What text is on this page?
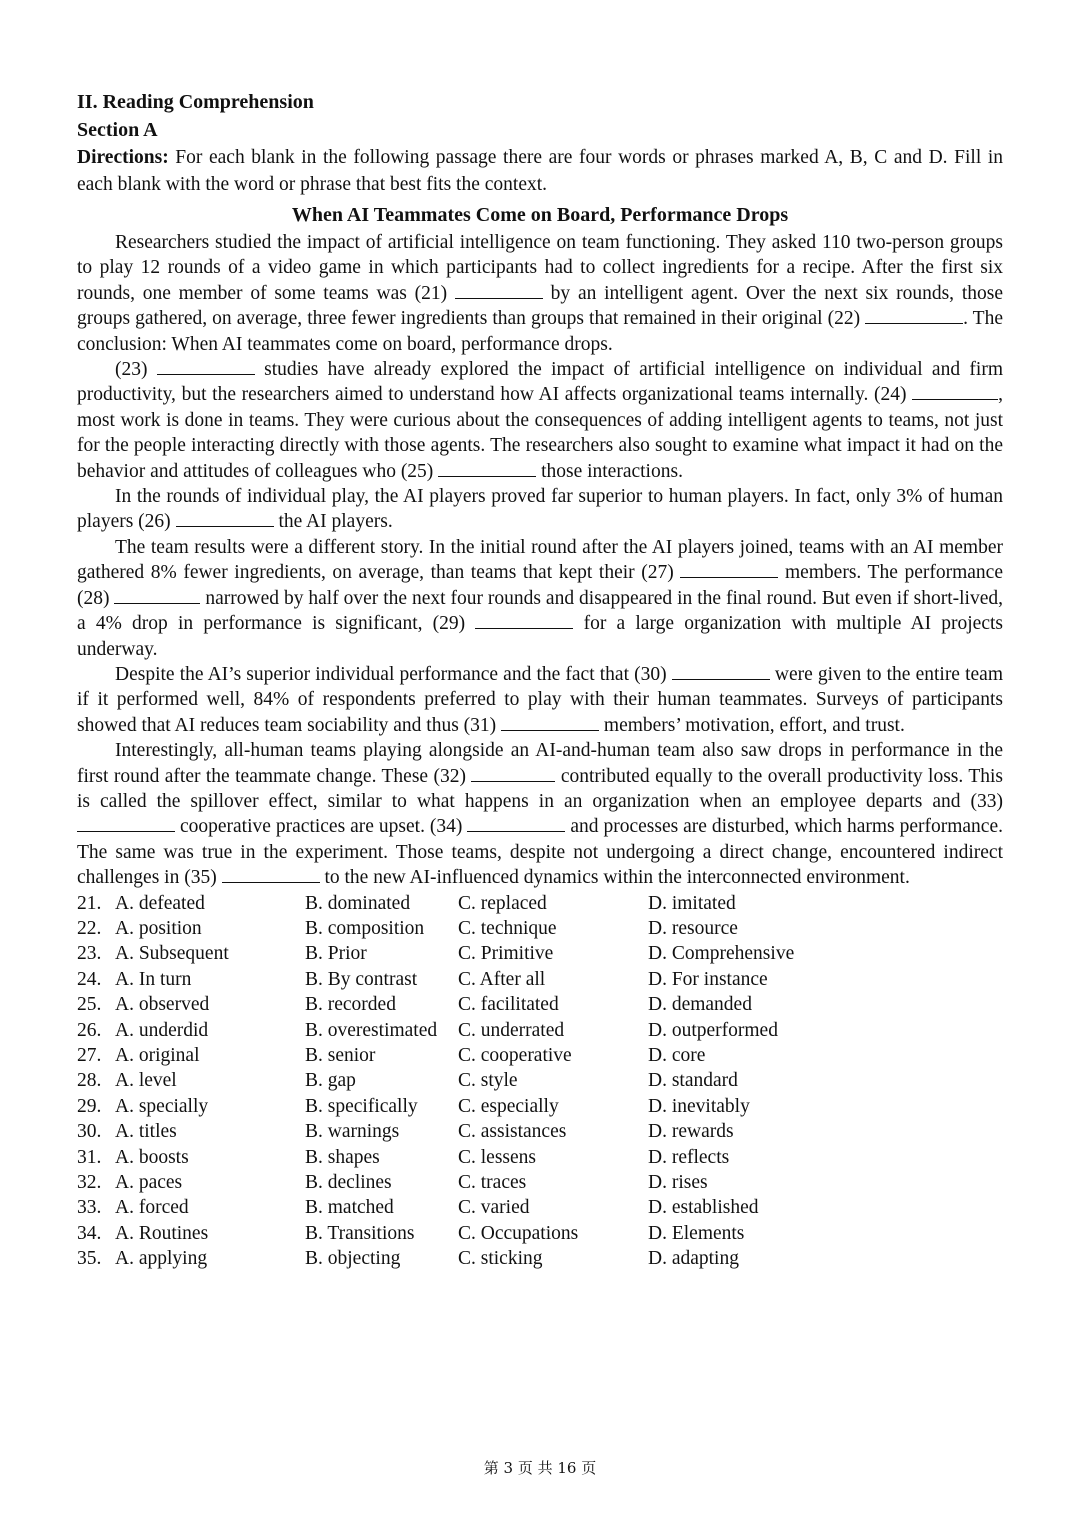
II. Reading Comprehension
Section A
Directions: For each blank in the following passage there are four words or phrases marked A, B, C and D. Fill in each blank with the word or phrase that best fits the context.
When AI Teammates Come on Board, Performance Drops

Researchers studied the impact of artificial intelligence on team functioning. They asked 110 two-person groups to play 12 rounds of a video game in which participants had to collect ingredients for a recipe. After the first six rounds, one member of some teams was (21)	by an intelligent agent. Over the next six rounds, those groups gathered, on average, three fewer ingredients than groups that remained in their original (22)	. The conclusion: When AI teammates come on board, performance drops.

(23)	studies have already explored the impact of artificial intelligence on individual and firm productivity, but the researchers aimed to understand how AI affects organizational teams internally. (24)	, most work is done in teams. They were curious about the consequences of adding intelligent agents to teams, not just for the people interacting directly with those agents. The researchers also sought to examine what impact it had on the behavior and attitudes of colleagues who (25)	those interactions.

In the rounds of individual play, the AI players proved far superior to human players. In fact, only 3% of human players (26)	the AI players.

The team results were a different story. In the initial round after the AI players joined, teams with an AI member gathered 8% fewer ingredients, on average, than teams that kept their (27)	members. The performance (28)	narrowed by half over the next four rounds and disappeared in the final round. But even if short-lived, a 4% drop in performance is significant, (29)	for a large organization with multiple AI projects underway.

Despite the AI’s superior individual performance and the fact that (30)	were given to the entire team if it performed well, 84% of respondents preferred to play with their human teammates. Surveys of participants showed that AI reduces team sociability and thus (31)	members’ motivation, effort, and trust.

Interestingly, all-human teams playing alongside an AI-and-human team also saw drops in performance in the first round after the teammate change. These (32)	contributed equally to the overall productivity loss. This is called the spillover effect, similar to what happens in an organization when an employee departs and (33)  cooperative practices are upset. (34)	and processes are disturbed, which harms performance. The same was true in the experiment. Those teams, despite not undergoing a direct change, encountered indirect challenges in (35)	to the new AI-influenced dynamics within the interconnected environment.

21. A. defeated	B. dominated	C. replaced	D. imitated
22. A. position	B. composition	C. technique	D. resource
23. A. Subsequent	B. Prior	C. Primitive	D. Comprehensive
24. A. In turn	B. By contrast	C. After all	D. For instance
25. A. observed	B. recorded	C. facilitated	D. demanded
26. A. underdid	B. overestimated	C. underrated	D. outperformed
27. A. original	B. senior	C. cooperative	D. core
28. A. level	B. gap	C. style	D. standard
29. A. specially	B. specifically	C. especially	D. inevitably
30. A. titles	B. warnings	C. assistances	D. rewards
31. A. boosts	B. shapes	C. lessens	D. reflects
32. A. paces	B. declines	C. traces	D. rises
33. A. forced	B. matched	C. varied	D. established
34. A. Routines	B. Transitions	C. Occupations	D. Elements
35. A. applying	B. objecting	C. sticking	D. adapting
第 3 页 共 16 页
